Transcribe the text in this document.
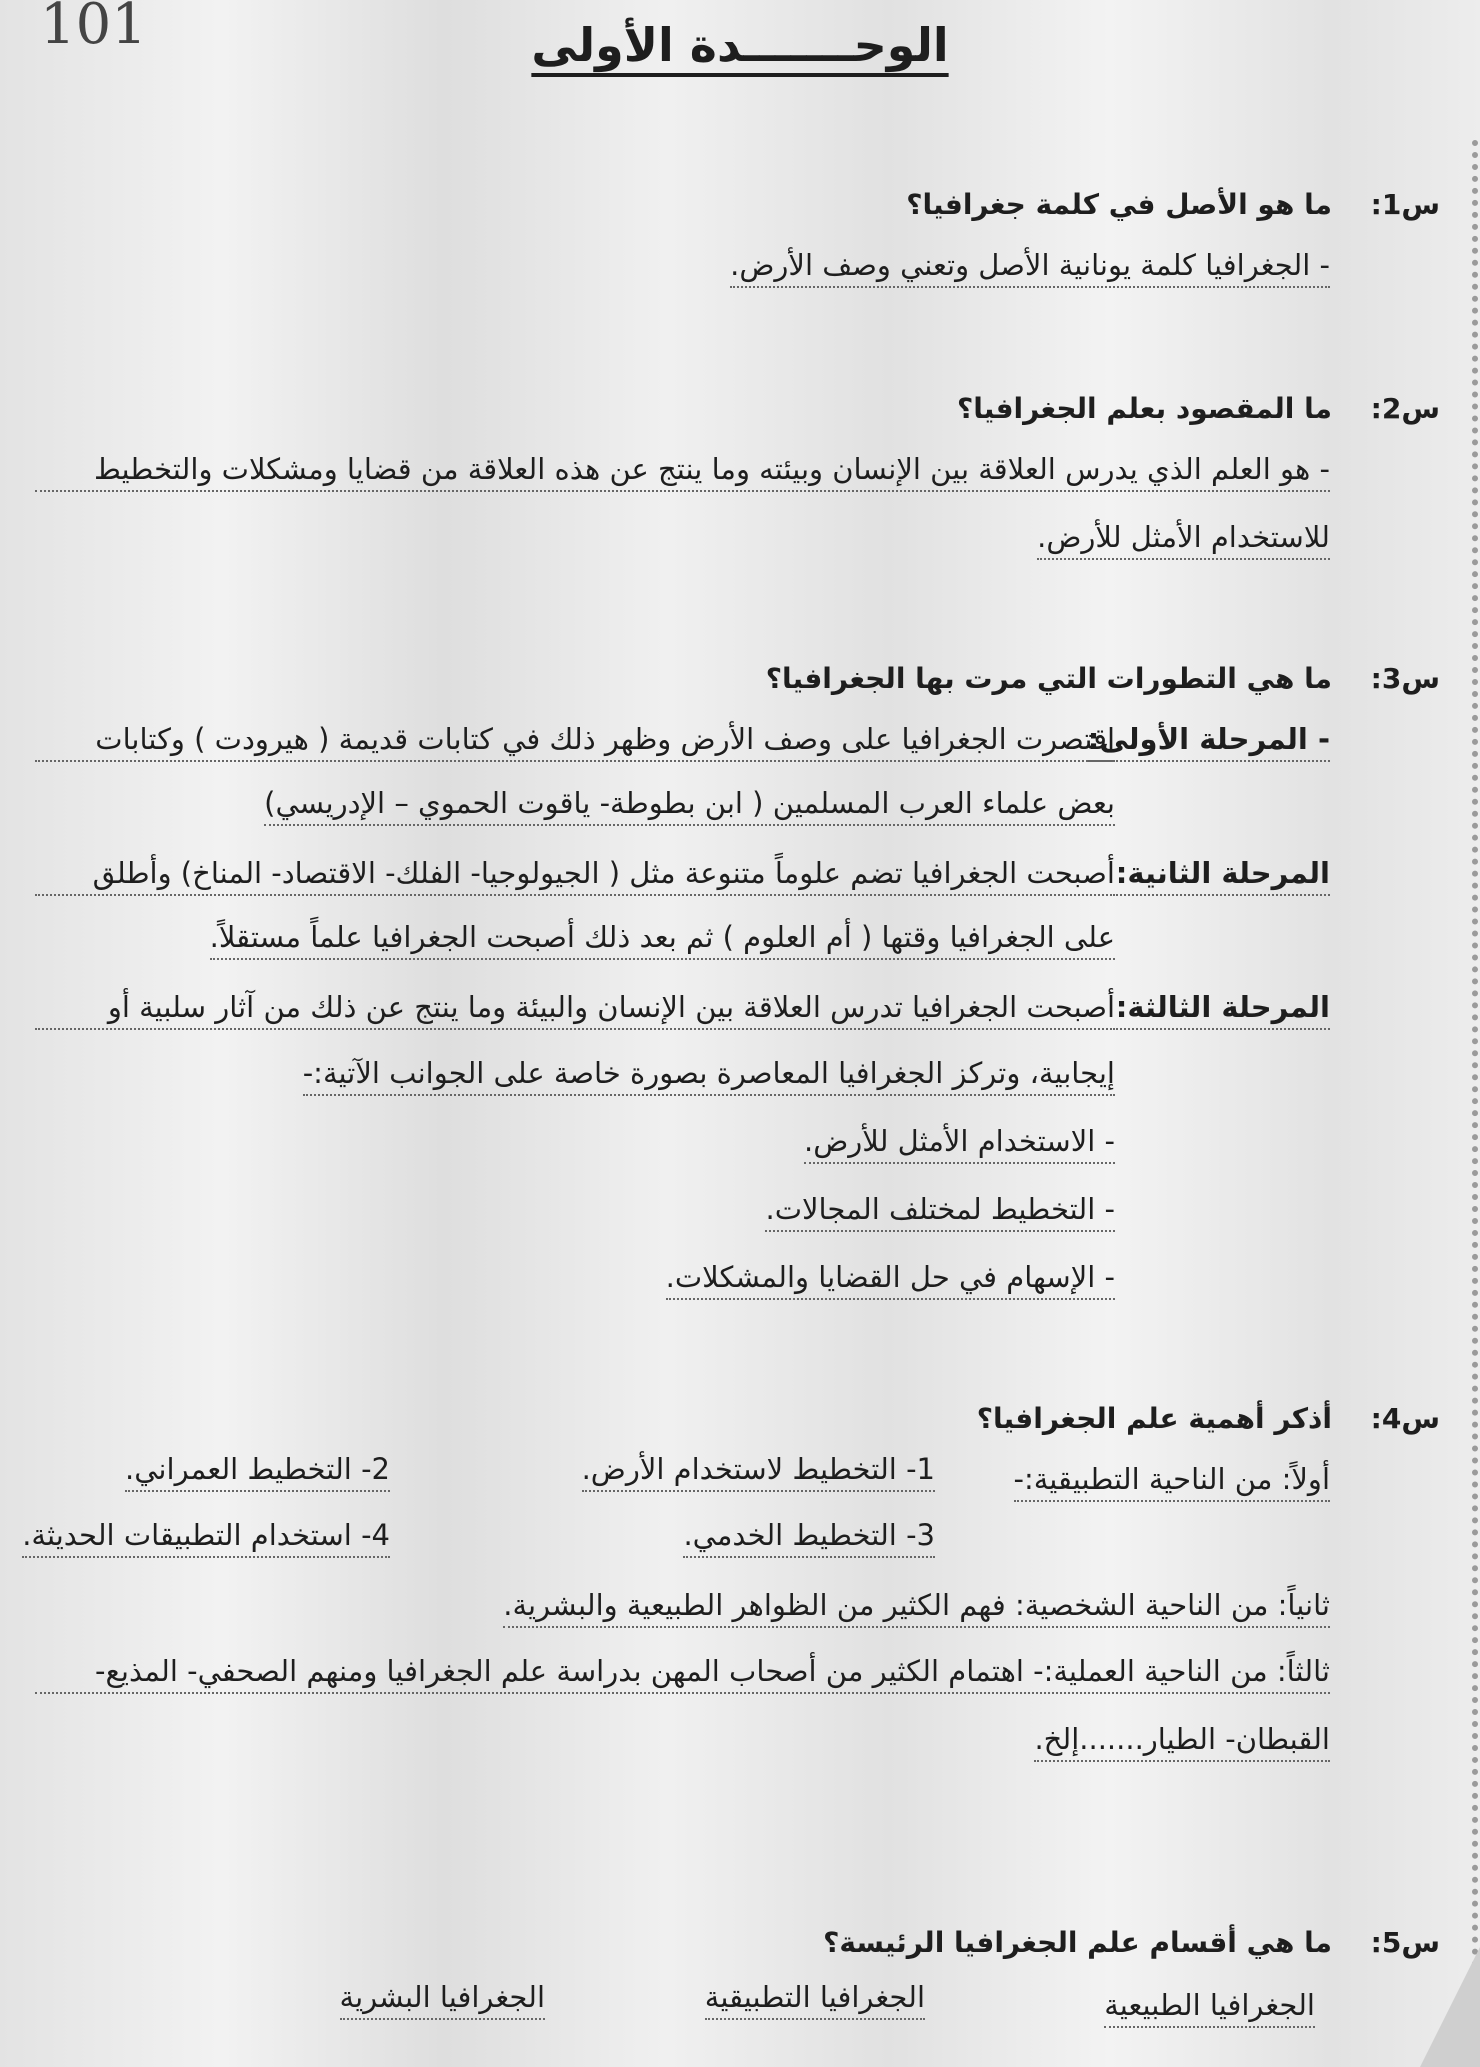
101	الوحـــــــدة الأولى
س1:
ما هو الأصل في كلمة جغرافيا؟
- الجغرافيا كلمة يونانية الأصل وتعني وصف الأرض.
س2:
ما المقصود بعلم الجغرافيا؟
- هو العلم الذي يدرس العلاقة بين الإنسان وبيئته وما ينتج عن هذه العلاقة من قضايا ومشكلات والتخطيط
للاستخدام الأمثل للأرض.
س3:
ما هي التطورات التي مرت بها الجغرافيا؟
- المرحلة الأولى:
اقتصرت الجغرافيا على وصف الأرض وظهر ذلك في كتابات قديمة ( هيرودت ) وكتابات
بعض علماء العرب المسلمين ( ابن بطوطة- ياقوت الحموي – الإدريسي)
المرحلة الثانية:
أصبحت الجغرافيا تضم علوماً متنوعة مثل ( الجيولوجيا- الفلك- الاقتصاد- المناخ) وأطلق
على الجغرافيا وقتها ( أم العلوم ) ثم بعد ذلك أصبحت الجغرافيا علماً مستقلاً.
المرحلة الثالثة:
أصبحت الجغرافيا تدرس العلاقة بين الإنسان والبيئة وما ينتج عن ذلك من آثار سلبية أو
إيجابية، وتركز الجغرافيا المعاصرة بصورة خاصة على الجوانب الآتية:-
- الاستخدام الأمثل للأرض.
- التخطيط لمختلف المجالات.
- الإسهام في حل القضايا والمشكلات.
س4:
أذكر أهمية علم الجغرافيا؟
أولاً: من الناحية التطبيقية:-
1- التخطيط لاستخدام الأرض.
2- التخطيط العمراني.
3- التخطيط الخدمي.
4- استخدام التطبيقات الحديثة.
ثانياً: من الناحية الشخصية: فهم الكثير من الظواهر الطبيعية والبشرية.
ثالثاً: من الناحية العملية:- اهتمام الكثير من أصحاب المهن بدراسة علم الجغرافيا ومنهم الصحفي- المذيع-
القبطان- الطيار.......إلخ.
س5:
ما هي أقسام علم الجغرافيا الرئيسة؟
الجغرافيا الطبيعية
الجغرافيا التطبيقية
الجغرافيا البشرية
